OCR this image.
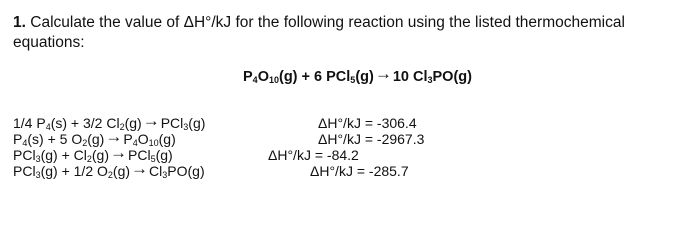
1. Calculate the value of ΔH°/kJ for the following reaction using the listed thermochemical equations:
$P_4O_{10}(g) + 6$ PCl$_5$(g)→10 $Cl_3PO(g)$
1/4 $P_4(s) + 3/2$ $Cl_2(g)\to PCl_3(g)$	ΔH°/kJ = -306.4
$P_4(s) + 5$ $O_2(g)\to P_4O_{10}(g)$	ΔH°/kJ = -2967.3
$PCl_3(g) + Cl_2(g)\to PCl_5(g)$	ΔH°/kJ = -84.2
PCl$_3$(g) + 1/2 $O_2(g)\to Cl_3PO(g)$	ΔH°/kJ = -285.7
